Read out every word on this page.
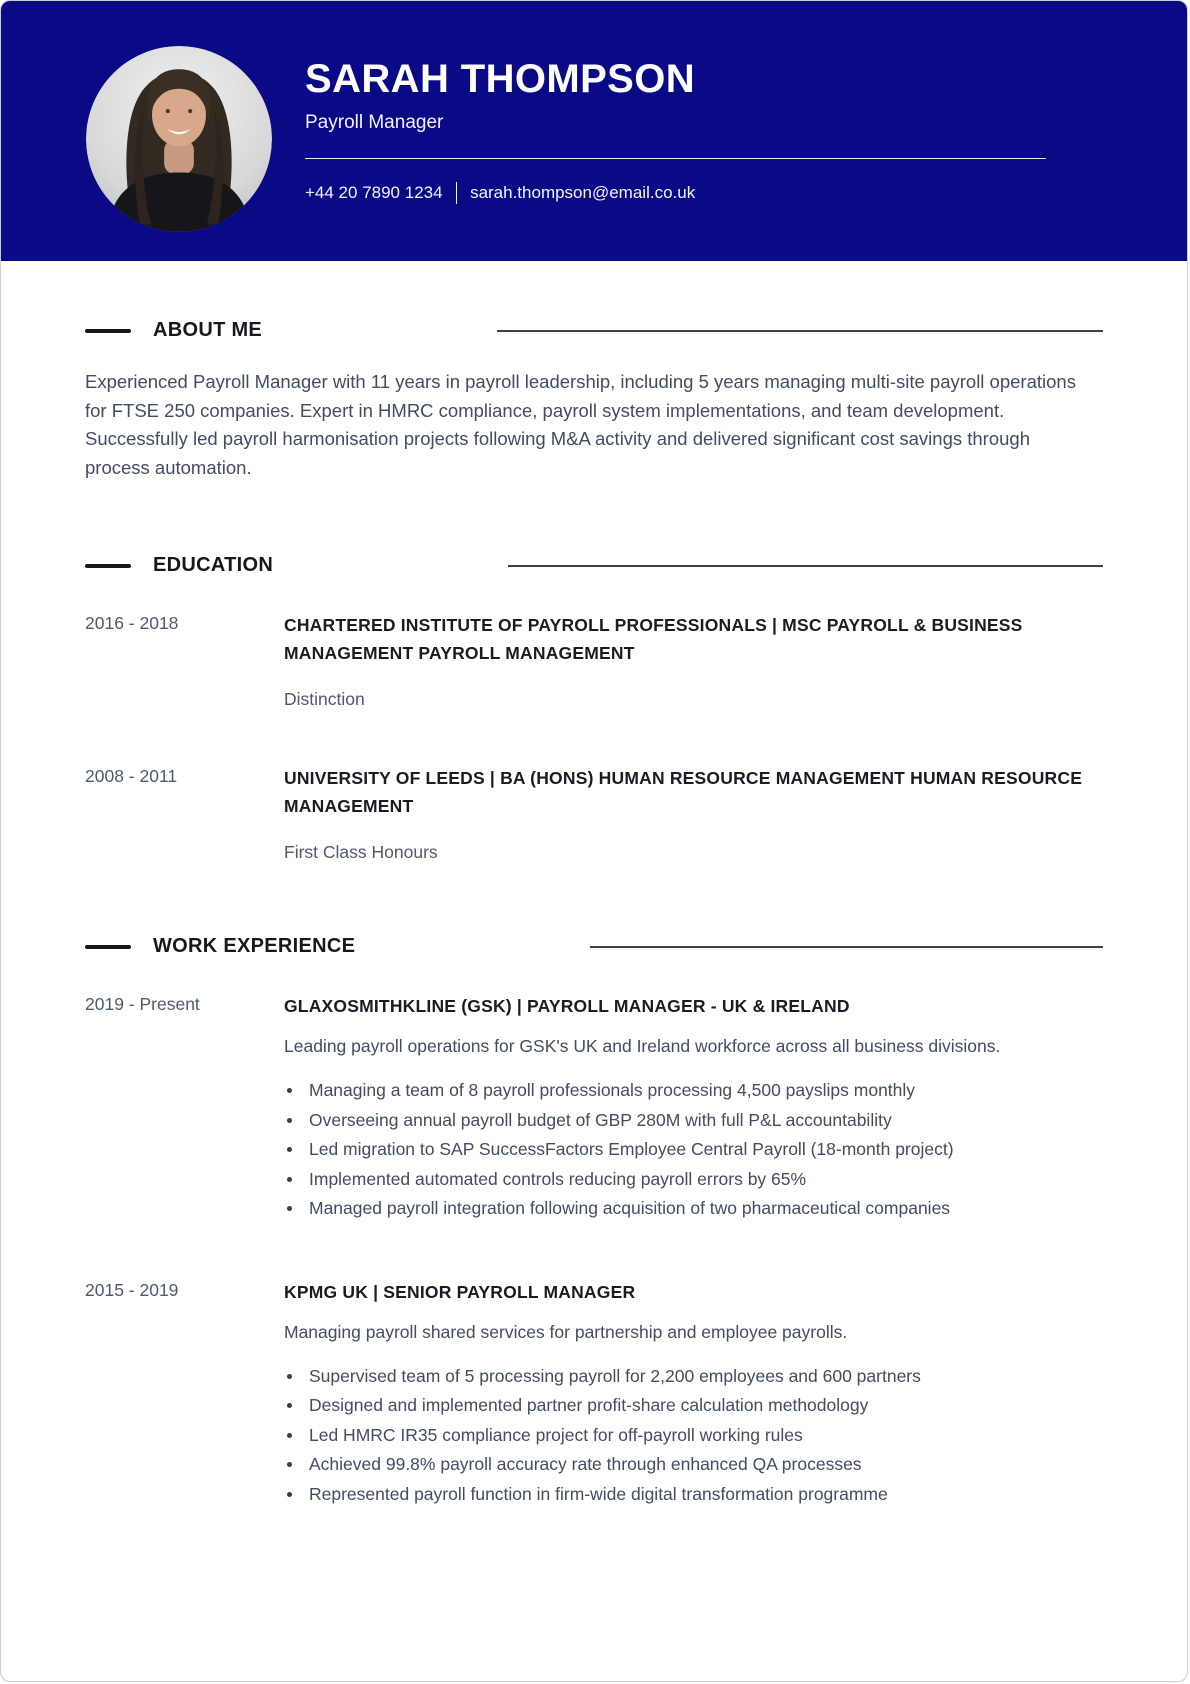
SARAH THOMPSON
Payroll Manager
+44 20 7890 1234 sarah.thompson@email.co.uk
ABOUT ME

Experienced Payroll Manager with 11 years in payroll leadership, including 5 years managing multi-site payroll operations for FTSE 250 companies. Expert in HMRC compliance, payroll system implementations, and team development. Successfully led payroll harmonisation projects following M&A activity and delivered significant cost savings through process automation.

EDUCATION
2016 - 2018	CHARTERED INSTITUTE OF PAYROLL PROFESSIONALS | MSC PAYROLL & BUSINESS MANAGEMENT PAYROLL MANAGEMENT
Distinction
2008 - 2011	UNIVERSITY OF LEEDS | BA (HONS) HUMAN RESOURCE MANAGEMENT HUMAN RESOURCE MANAGEMENT
First Class Honours
WORK EXPERIENCE
2019 - Present	GLAXOSMITHKLINE (GSK) | PAYROLL MANAGER - UK & IRELAND

Leading payroll operations for GSK's UK and Ireland workforce across all business divisions.

Managing a team of 8 payroll professionals processing 4,500 payslips monthly
Overseeing annual payroll budget of GBP 280M with full P&L accountability
Led migration to SAP SuccessFactors Employee Central Payroll (18-month project)
Implemented automated controls reducing payroll errors by 65%
Managed payroll integration following acquisition of two pharmaceutical companies
2015 - 2019	KPMG UK | SENIOR PAYROLL MANAGER

Managing payroll shared services for partnership and employee payrolls.

Supervised team of 5 processing payroll for 2,200 employees and 600 partners
Designed and implemented partner profit-share calculation methodology
Led HMRC IR35 compliance project for off-payroll working rules
Achieved 99.8% payroll accuracy rate through enhanced QA processes
Represented payroll function in firm-wide digital transformation programme
